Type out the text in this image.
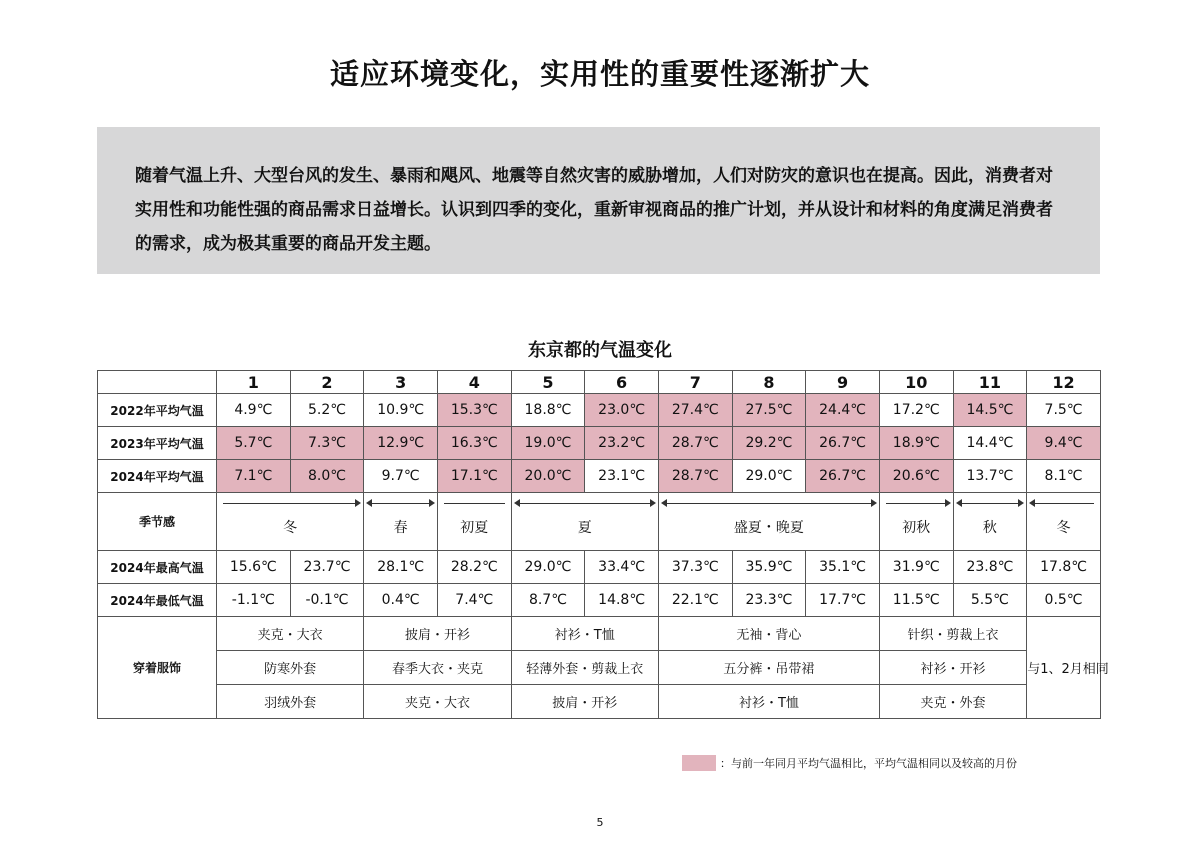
适应环境变化，实用性的重要性逐渐扩大

随着气温上升、大型台风的发生、暴雨和飓风、地震等自然灾害的威胁增加，人们对防灾的意识也在提高。因此，消费者对实用性和功能性强的商品需求日益增长。认识到四季的变化，重新审视商品的推广计划，并从设计和材料的角度满足消费者的需求，成为极其重要的商品开发主题。

东京都的气温变化
	1	2	3	4	5	6	7	8	9	10	11	12
2022年平均气温	4.9℃	5.2℃	10.9℃	15.3℃	18.8℃	23.0℃	27.4℃	27.5℃	24.4℃	17.2℃	14.5℃	7.5℃
2023年平均气温	5.7℃	7.3℃	12.9℃	16.3℃	19.0℃	23.2℃	28.7℃	29.2℃	26.7℃	18.9℃	14.4℃	9.4℃
2024年平均气温	7.1℃	8.0℃	9.7℃	17.1℃	20.0℃	23.1℃	28.7℃	29.0℃	26.7℃	20.6℃	13.7℃	8.1℃
季节感	冬		春	初夏	夏		盛夏・晚夏			初秋	秋	冬

2024年最高气温	15.6℃	23.7℃	28.1℃	28.2℃	29.0℃	33.4℃	37.3℃	35.9℃	35.1℃	31.9℃	23.8℃	17.8℃
2024年最低气温	-1.1℃	-0.1℃	0.4℃	7.4℃	8.7℃	14.8℃	22.1℃	23.3℃	17.7℃	11.5℃	5.5℃	0.5℃
穿着服饰	夹克・大衣		披肩・开衫		衬衫・T恤		无袖・背心			针织・剪裁上衣		与1、2月相同
	防寒外套		春季大衣・夹克		轻薄外套・剪裁上衣		五分裤・吊带裙			衬衫・开衫		
	羽绒外套		夹克・大衣		披肩・开衫		衬衫・T恤			夹克・外套		
：与前一年同月平均气温相比，平均气温相同以及较高的月份
5
